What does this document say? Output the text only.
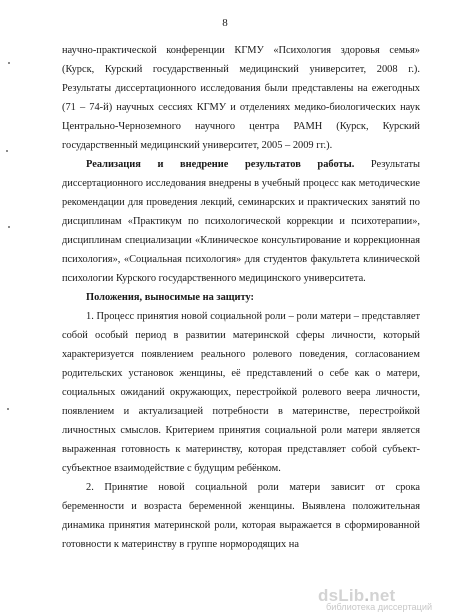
8

научно-практической конференции КГМУ «Психология здоровья семья» (Курск, Курский государственный медицинский университет, 2008 г.). Результаты диссертационного исследования были представлены на ежегодных (71 – 74-й) научных сессиях КГМУ и отделениях медико-биологических наук Центрально-Черноземного научного центра РАМН (Курск, Курский государственный медицинский университет, 2005 – 2009 гг.).

Реализация и внедрение результатов работы. Результаты диссертационного исследования внедрены в учебный процесс как методические рекомендации для проведения лекций, семинарских и практических занятий по дисциплинам «Практикум по психологической коррекции и психотерапии», дисциплинам специализации «Клиническое консультирование и коррекционная психология», «Социальная психология» для студентов факультета клинической психологии Курского государственного медицинского университета.

Положения, выносимые на защиту:

1. Процесс принятия новой социальной роли – роли матери – представляет собой особый период в развитии материнской сферы личности, который характеризуется появлением реального ролевого поведения, согласованием родительских установок женщины, её представлений о себе как о матери, социальных ожиданий окружающих, перестройкой ролевого веера личности, появлением и актуализацией потребности в материнстве, перестройкой личностных смыслов. Критерием принятия социальной роли матери является выраженная готовность к материнству, которая представляет собой субъект-субъектное взаимодействие с будущим ребёнком.

2. Принятие новой социальной роли матери зависит от срока беременности и возраста беременной женщины. Выявлена положительная динамика принятия материнской роли, которая выражается в сформированной готовности к материнству в группе нормородящих на

dsLib.net
библиотека диссертаций
